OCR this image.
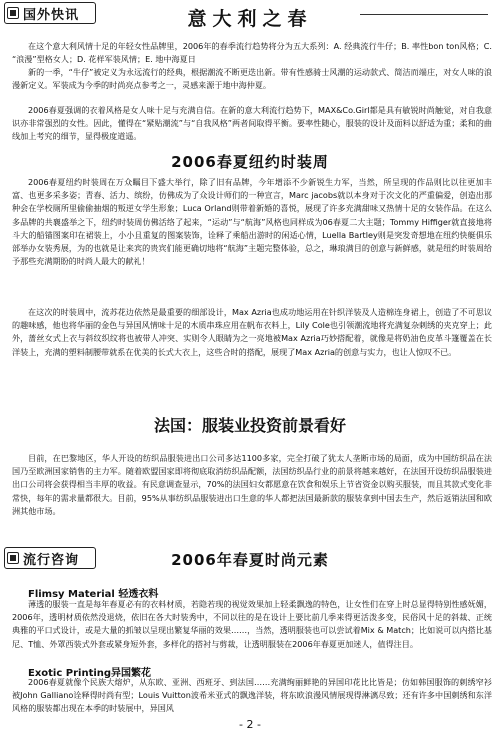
国外快讯	意大利之春

在这个意大利风情十足的年轻女性品牌里，2006年的春季流行趋势将分为五大系列：A. 经典流行牛仔；B. 率性bon ton风格；C. “浪漫”型格女人；D. 花样军装风情；E. 地中海夏日

新的一季，“牛仔”被定义为永远流行的经典，根据潮流不断更迭出新。带有性感骑士风潮的运动款式、简洁而端庄，对女人味的浪漫新定义。军装成为今季的时尚亮点参考之一，灵感来源于地中海仲夏。

2006春夏强调的衣着风格是女人味十足与充满自信。在新的意大利流行趋势下，MAX&Co.Girl都是具有敏锐时尚触觉，对自我意识亦非常强烈的女性。因此，懂得在“紧贴潮流”与“自我风格”两者间取得平衡。要率性随心，服装的设计及面料以舒适为重；柔和的曲线加上考究的细节，显得极度道遥。

2006春夏纽约时装周

2006春夏纽约时装周在万众瞩目下盛大举行，除了旧有品牌，今年增添不少新锐生力军，当然，所呈现的作品则比以往更加丰富、也更多采多姿；青春、活力、缤纷，仿佛成为了众设计师们的一种宣言，Marc jacobs就以本身对于次文化的严重偏爱，创造出那种会在学校厕所里偷偷抽烟的叛逆女学生形象；Luca Orland则带着新婚的喜悦，展现了许多充满甜味又热情十足的女装作品。在这么多品牌的共襄盛举之下，纽约时装周仿佛活络了起来，“运动”与“航海”风格也同样成为06春夏二大主题；Tommy Hiffiger就直接地将斗大的船锚图案印在裙装上，小小且重复的图案装饰，诠释了乘船出游时的闲适心情，Luella Bartley则是突发奇想地在纽约快艇俱乐部举办女装秀展，为的也就是让来宾的贵宾们能更确切地将“航海”主题完整体验，总之，琳琅满目的创意与新鲜感，就是纽约时装周给予那些充满期盼的时尚人最大的献礼！

在这次的时装周中，流苏花边依然是最重要的细部设计，Max Azria也成功地运用在针织洋装及人造棉连身裙上，创造了不可思议的趣味感，他也将华丽的金色与异国风情味十足的木质串珠应用在帆布衣料上，Lily Cole也引领潮流地将充满复杂刺绣的夹克穿上；此外，蔷丝女式上衣与斜纹织纹将也被带人冲突、实则令人眼睛为之一亮地被Max Azria巧妙搭配着，就像是将奶油色皮革斗篷覆盖在长洋装上，充满的塑料制腰带就系在优美的长式大衣上，这些合时的搭配，展现了Max Azria的创意与实力，也让人惊叹不已。

法国：服装业投资前景看好

目前，在巴黎地区，华人开设的纺织品服装进出口公司多达1100多家，完全打破了犹太人垄断市场的局面，成为中国纺织品在法国乃至欧洲国家销售的主力军。随着欧盟国家即将彻底取消纺织品配额，法国纺织品行业的前景将越来越好，在法国开设纺织品服装进出口公司将会获得相当丰厚的收益。有民意调查显示，70%的法国妇女都愿意在饮食和娱乐上节省资金以购买服装，而且其款式变化非常快，每年的需求量都很大。目前，95%从事纺织品服装进出口生意的华人都把法国最新款的服装拿到中国去生产，然后返销法国和欧洲其他市场。

流行咨询	2006年春夏时尚元素

Flimsy Material 轻透衣料

薄透的服装一直是每年春夏必有的衣料材质，若隐若现的视觉效果加上轻柔飘逸的特色，让女性们在穿上时总显得特别性感妩媚，2006年，透明材质依然没退烧，依旧在各大时装秀中，不同以往的是在设计上要比前几季来得更活泼多变，民俗风十足的斜裁、正统典雅的平口式设计，或是大量的抓皱以呈现出繁复华丽的效果……，当然，透明服装也可以尝试着Mix & Match；比如说可以内搭比基尼、T恤、外罩西装式外套或紧身短外套，多样化的搭衬与剪裁，让透明服装在2006年春夏更加迷人，值得注目。

Exotic Printing异国繁花

2006春夏就像个民族大熔炉，从东欧、亚洲、西班牙、到法国……充满绚丽鲜艳的异国印花比比皆是；仿如韩国服饰的刺绣窄衫被John Galliano诠释得时尚有型；Louis Vuitton波希米亚式的飘逸洋装，将东欧浪漫风情展现得淋漓尽致；还有许多中国刺绣和东洋风格的服装都出现在本季的时装展中，异国风

- 2 -
